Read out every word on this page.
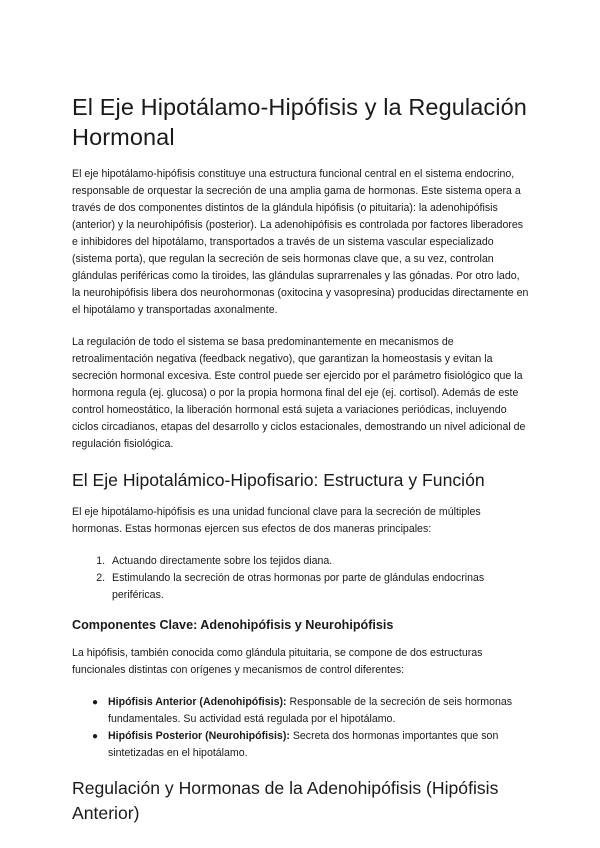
El Eje Hipotálamo-Hipófisis y la Regulación Hormonal

El eje hipotálamo-hipófisis constituye una estructura funcional central en el sistema endocrino, responsable de orquestar la secreción de una amplia gama de hormonas. Este sistema opera a través de dos componentes distintos de la glándula hipófisis (o pituitaria): la adenohipófisis (anterior) y la neurohipófisis (posterior). La adenohipófisis es controlada por factores liberadores e inhibidores del hipotálamo, transportados a través de un sistema vascular especializado (sistema porta), que regulan la secreción de seis hormonas clave que, a su vez, controlan glándulas periféricas como la tiroides, las glándulas suprarrenales y las gónadas. Por otro lado, la neurohipófisis libera dos neurohormonas (oxitocina y vasopresina) producidas directamente en el hipotálamo y transportadas axonalmente.

La regulación de todo el sistema se basa predominantemente en mecanismos de retroalimentación negativa (feedback negativo), que garantizan la homeostasis y evitan la secreción hormonal excesiva. Este control puede ser ejercido por el parámetro fisiológico que la hormona regula (ej. glucosa) o por la propia hormona final del eje (ej. cortisol). Además de este control homeostático, la liberación hormonal está sujeta a variaciones periódicas, incluyendo ciclos circadianos, etapas del desarrollo y ciclos estacionales, demostrando un nivel adicional de regulación fisiológica.

El Eje Hipotalámico-Hipofisario: Estructura y Función

El eje hipotálamo-hipófisis es una unidad funcional clave para la secreción de múltiples hormonas. Estas hormonas ejercen sus efectos de dos maneras principales:

1. Actuando directamente sobre los tejidos diana.
2. Estimulando la secreción de otras hormonas por parte de glándulas endocrinas periféricas.
Componentes Clave: Adenohipófisis y Neurohipófisis

La hipófisis, también conocida como glándula pituitaria, se compone de dos estructuras funcionales distintas con orígenes y mecanismos de control diferentes:

● Hipófisis Anterior (Adenohipófisis): Responsable de la secreción de seis hormonas fundamentales. Su actividad está regulada por el hipotálamo.
● Hipófisis Posterior (Neurohipófisis): Secreta dos hormonas importantes que son sintetizadas en el hipotálamo.
Regulación y Hormonas de la Adenohipófisis (Hipófisis Anterior)
